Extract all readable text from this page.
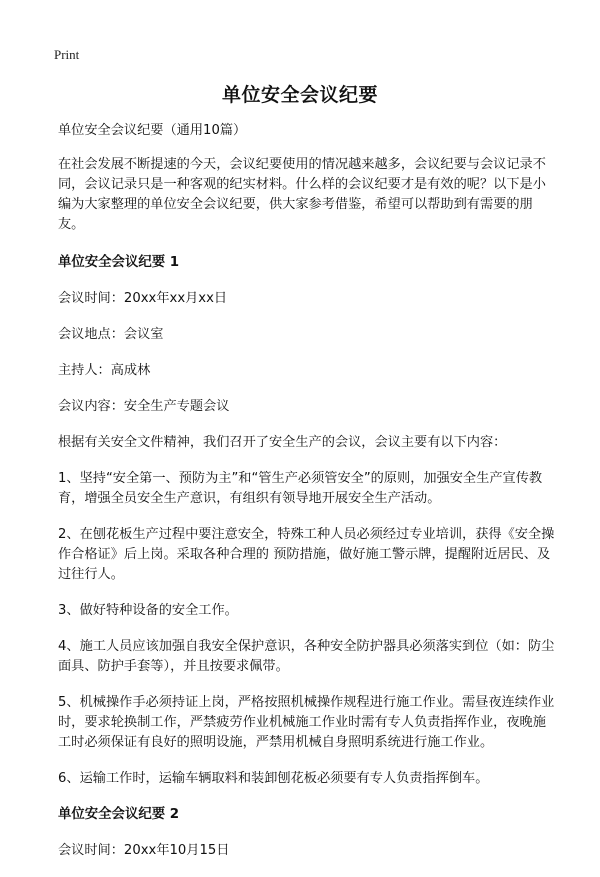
Print
单位安全会议纪要

单位安全会议纪要（通用10篇）

在社会发展不断提速的今天，会议纪要使用的情况越来越多，会议纪要与会议记录不同，会议记录只是一种客观的纪实材料。什么样的会议纪要才是有效的呢？以下是小编为大家整理的单位安全会议纪要，供大家参考借鉴，希望可以帮助到有需要的朋友。

单位安全会议纪要 1

会议时间：20xx年xx月xx日

会议地点：会议室

主持人：高成林

会议内容：安全生产专题会议

根据有关安全文件精神，我们召开了安全生产的会议，会议主要有以下内容：

1、坚持“安全第一、预防为主”和“管生产必须管安全”的原则，加强安全生产宣传教育，增强全员安全生产意识，有组织有领导地开展安全生产活动。

2、在刨花板生产过程中要注意安全，特殊工种人员必须经过专业培训，获得《安全操作合格证》后上岗。采取各种合理的 预防措施，做好施工警示牌，提醒附近居民、及过往行人。

3、做好特种设备的安全工作。

4、施工人员应该加强自我安全保护意识，各种安全防护器具必须落实到位（如：防尘面具、防护手套等），并且按要求佩带。

5、机械操作手必须持证上岗，严格按照机械操作规程进行施工作业。需昼夜连续作业时，要求轮换制工作，严禁疲劳作业机械施工作业时需有专人负责指挥作业，夜晚施工时必须保证有良好的照明设施，严禁用机械自身照明系统进行施工作业。

6、运输工作时，运输车辆取料和装卸刨花板必须要有专人负责指挥倒车。

单位安全会议纪要 2

会议时间：20xx年10月15日
